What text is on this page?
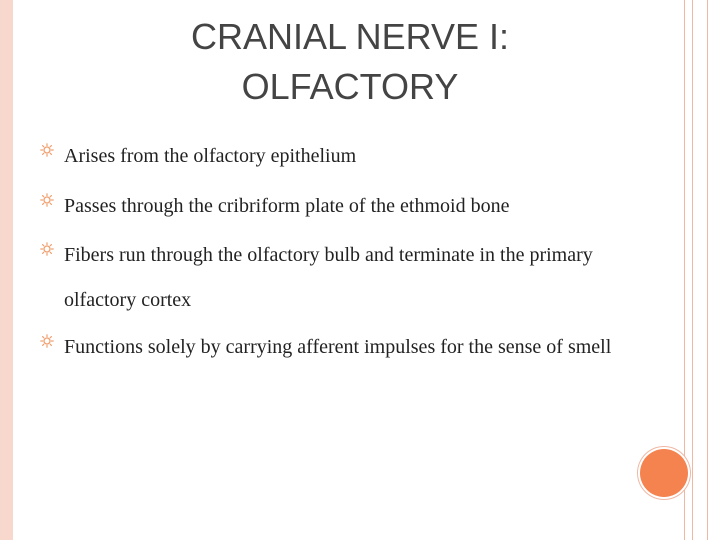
CRANIAL NERVE I:
OLFACTORY
Arises from the olfactory epithelium
Passes through the cribriform plate of the ethmoid bone
Fibers run through the olfactory bulb and terminate in the primary olfactory cortex
Functions solely by carrying afferent impulses for the sense of smell
